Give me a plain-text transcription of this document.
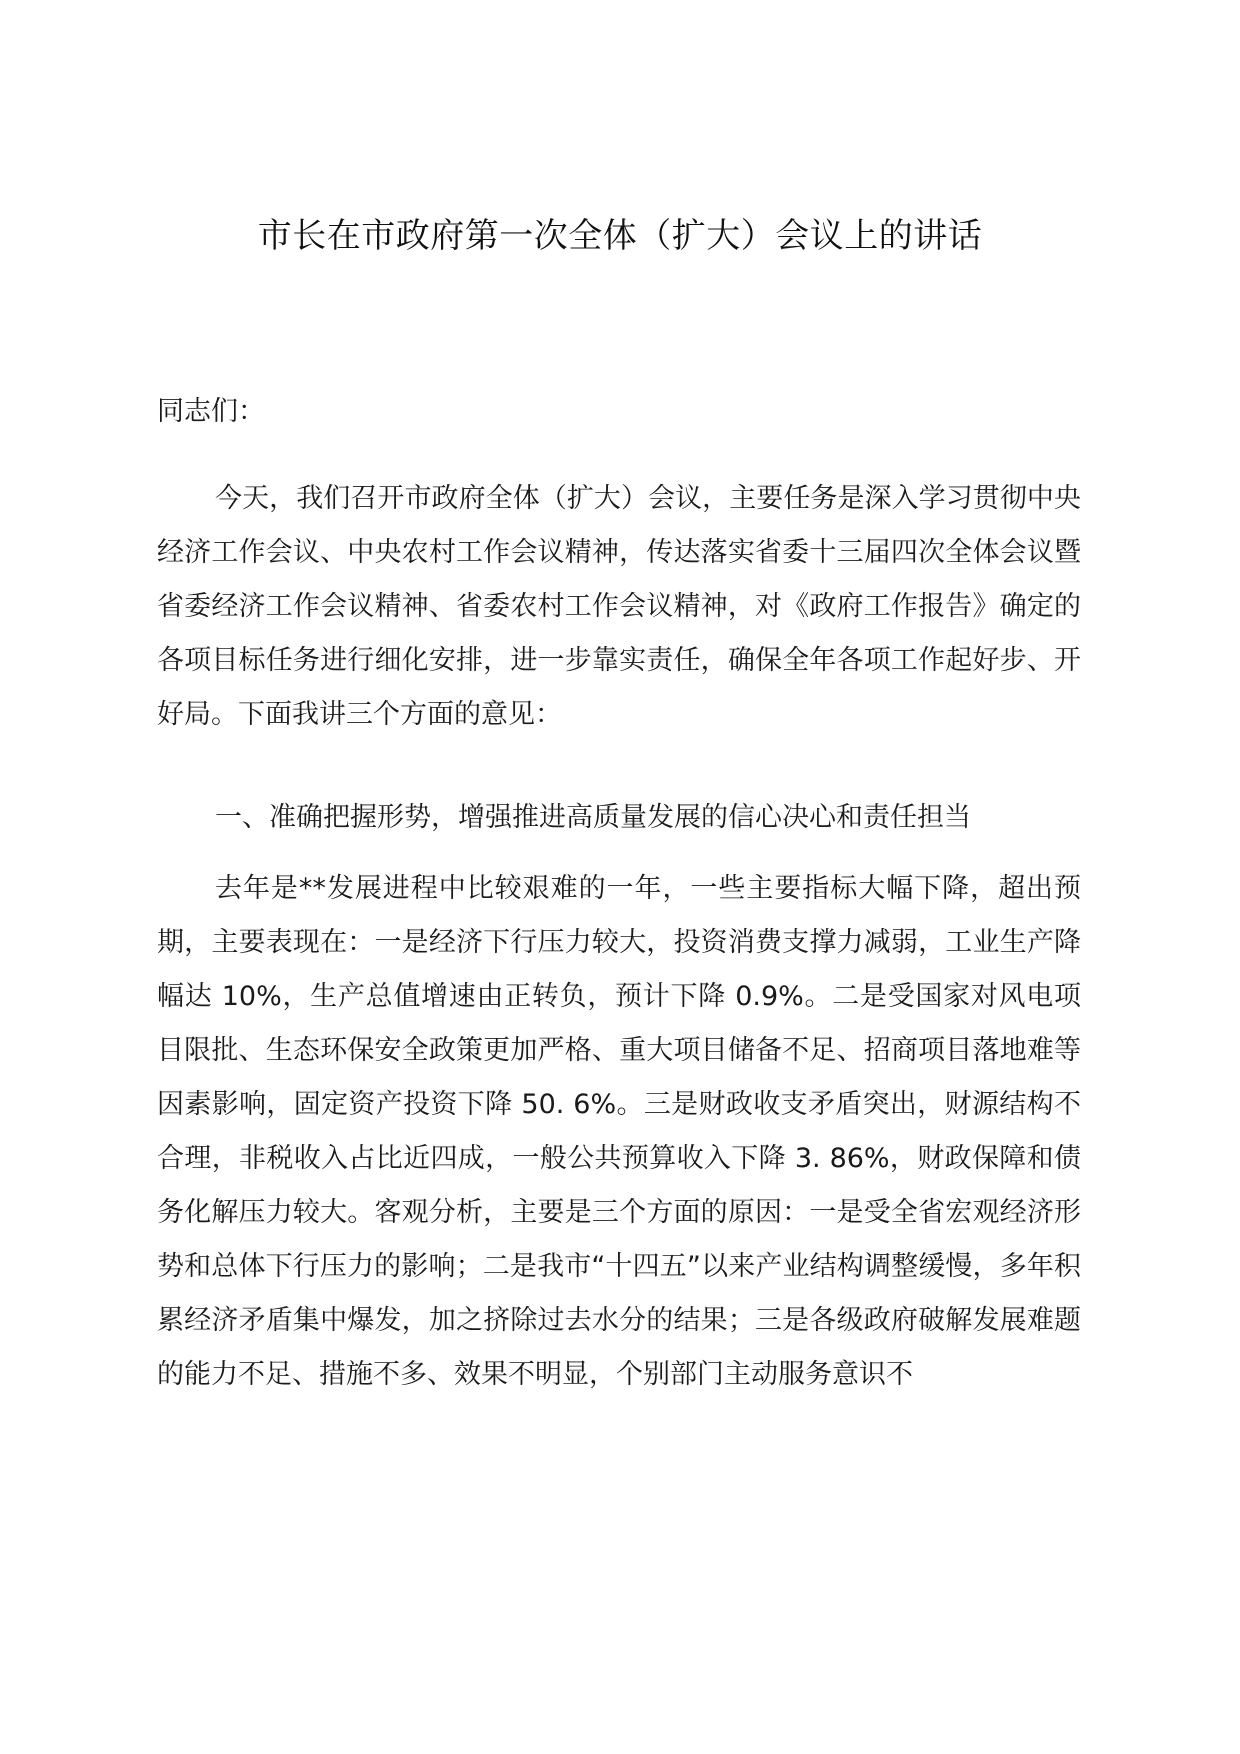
市长在市政府第一次全体（扩大）会议上的讲话
同志们：

今天，我们召开市政府全体（扩大）会议，主要任务是深入学习贯彻中央经济工作会议、中央农村工作会议精神，传达落实省委十三届四次全体会议暨省委经济工作会议精神、省委农村工作会议精神，对《政府工作报告》确定的各项目标任务进行细化安排，进一步靠实责任，确保全年各项工作起好步、开好局。下面我讲三个方面的意见：

一、准确把握形势，增强推进高质量发展的信心决心和责任担当

去年是**发展进程中比较艰难的一年，一些主要指标大幅下降，超出预期，主要表现在：一是经济下行压力较大，投资消费支撑力减弱，工业生产降幅达 10%，生产总值增速由正转负，预计下降 0.9%。二是受国家对风电项目限批、生态环保安全政策更加严格、重大项目储备不足、招商项目落地难等因素影响，固定资产投资下降 50. 6%。三是财政收支矛盾突出，财源结构不合理，非税收入占比近四成，一般公共预算收入下降 3. 86%，财政保障和债务化解压力较大。客观分析，主要是三个方面的原因：一是受全省宏观经济形势和总体下行压力的影响；二是我市“十四五”以来产业结构调整缓慢，多年积累经济矛盾集中爆发，加之挤除过去水分的结果；三是各级政府破解发展难题的能力不足、措施不多、效果不明显，个别部门主动服务意识不
